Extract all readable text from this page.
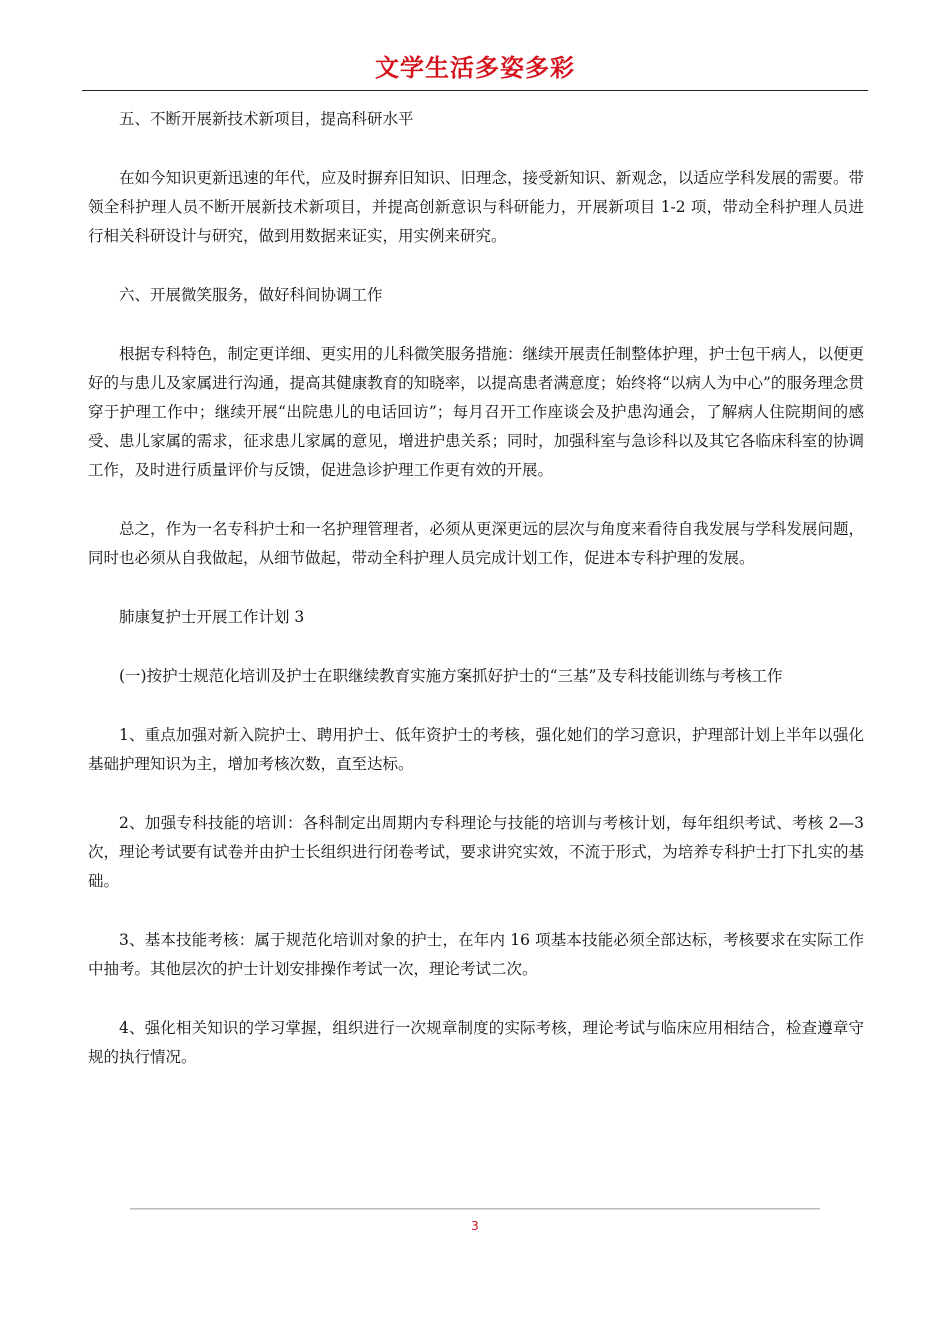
文学生活多姿多彩

五、不断开展新技术新项目，提高科研水平

在如今知识更新迅速的年代，应及时摒弃旧知识、旧理念，接受新知识、新观念，以适应学科发展的需要。带领全科护理人员不断开展新技术新项目，并提高创新意识与科研能力，开展新项目 1-2 项，带动全科护理人员进行相关科研设计与研究，做到用数据来证实，用实例来研究。

六、开展微笑服务，做好科间协调工作

根据专科特色，制定更详细、更实用的儿科微笑服务措施：继续开展责任制整体护理，护士包干病人，以便更好的与患儿及家属进行沟通，提高其健康教育的知晓率，以提高患者满意度；始终将“以病人为中心”的服务理念贯穿于护理工作中；继续开展“出院患儿的电话回访”；每月召开工作座谈会及护患沟通会，了解病人住院期间的感受、患儿家属的需求，征求患儿家属的意见，增进护患关系；同时，加强科室与急诊科以及其它各临床科室的协调工作，及时进行质量评价与反馈，促进急诊护理工作更有效的开展。

总之，作为一名专科护士和一名护理管理者，必须从更深更远的层次与角度来看待自我发展与学科发展问题，同时也必须从自我做起，从细节做起，带动全科护理人员完成计划工作，促进本专科护理的发展。

肺康复护士开展工作计划 3

(一)按护士规范化培训及护士在职继续教育实施方案抓好护士的“三基”及专科技能训练与考核工作

1、重点加强对新入院护士、聘用护士、低年资护士的考核，强化她们的学习意识，护理部计划上半年以强化基础护理知识为主，增加考核次数，直至达标。

2、加强专科技能的培训：各科制定出周期内专科理论与技能的培训与考核计划，每年组织考试、考核 2—3 次，理论考试要有试卷并由护士长组织进行闭卷考试，要求讲究实效，不流于形式，为培养专科护士打下扎实的基础。

3、基本技能考核：属于规范化培训对象的护士，在年内 16 项基本技能必须全部达标，考核要求在实际工作中抽考。其他层次的护士计划安排操作考试一次，理论考试二次。

4、强化相关知识的学习掌握，组织进行一次规章制度的实际考核，理论考试与临床应用相结合，检查遵章守规的执行情况。

3
